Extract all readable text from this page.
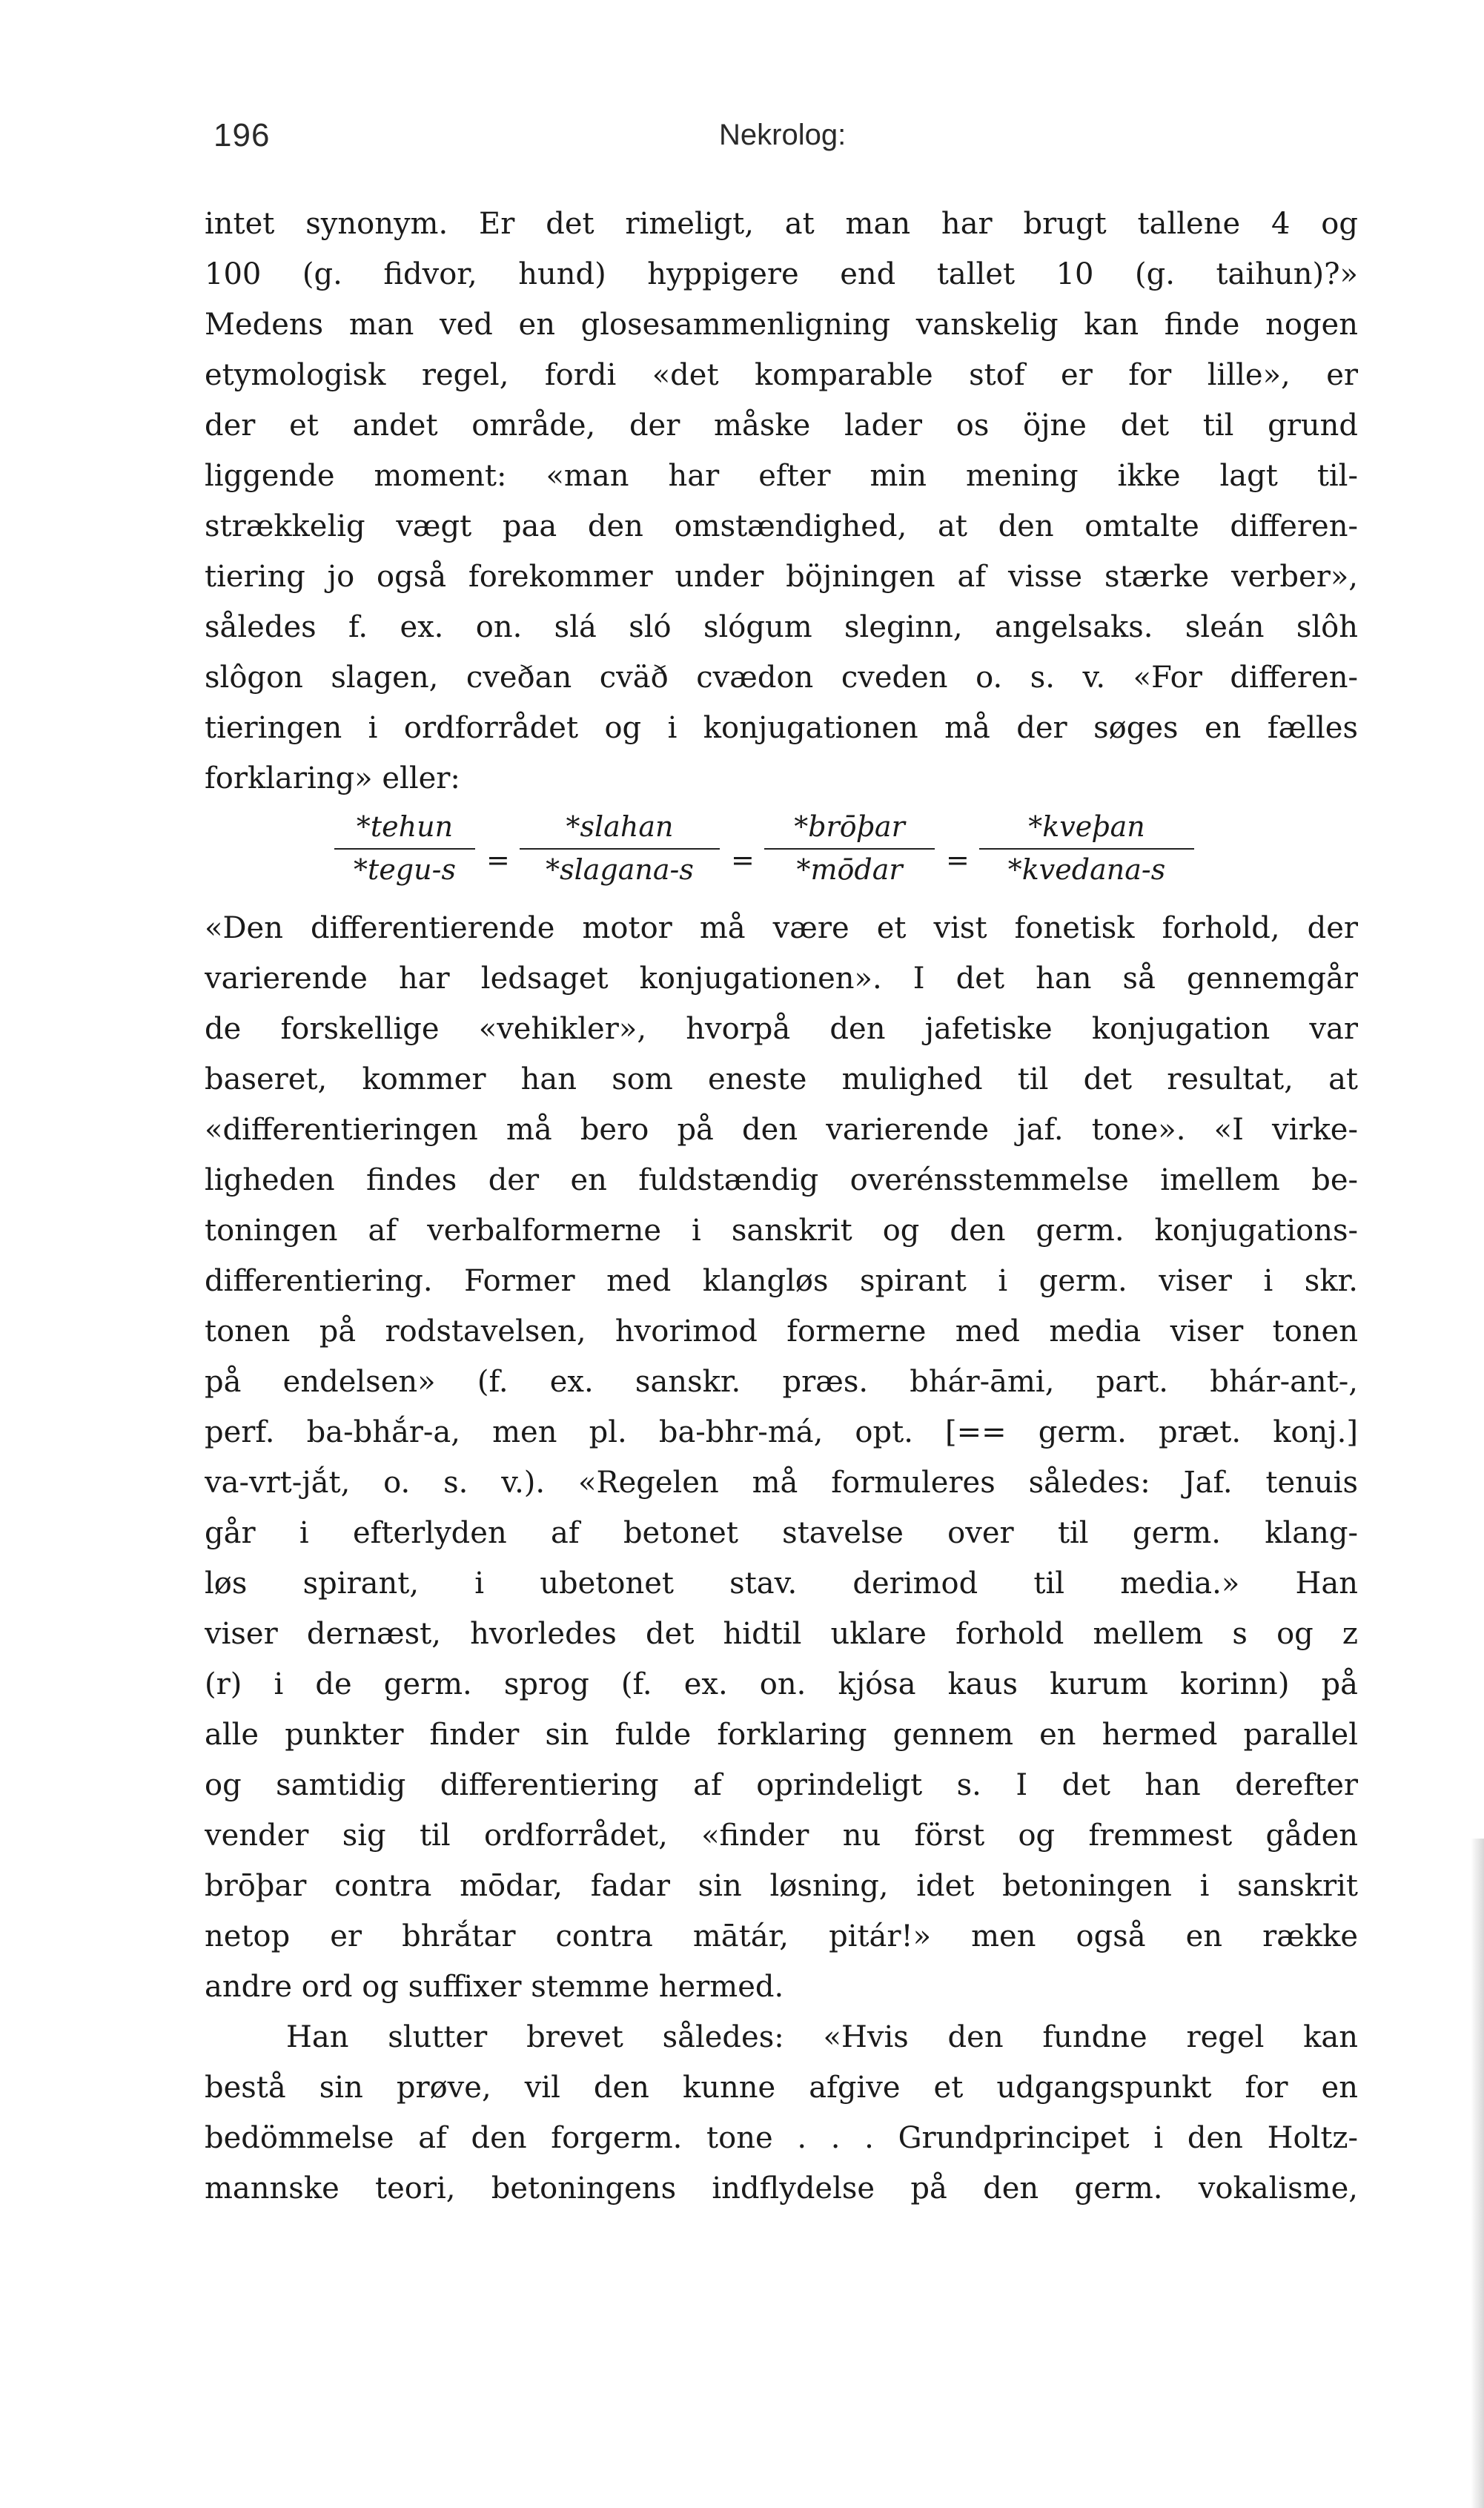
196	Nekrolog:
intet synonym. Er det rimeligt, at man har brugt tallene 4 og
100 (g. fidvor, hund) hyppigere end tallet 10 (g. taihun)?»
Medens man ved en glosesammenligning vanskelig kan finde nogen
etymologisk regel, fordi «det komparable stof er for lille», er
der et andet område, der måske lader os öjne det til grund
liggende moment: «man har efter min mening ikke lagt til-
strækkelig vægt paa den omstændighed, at den omtalte differen-
tiering jo også forekommer under böjningen af visse stærke verber»,
således f. ex. on. slá sló slógum sleginn, angelsaks. sleán slôh
slôgon slagen, cveðan cväð cvædon cveden o. s. v. «For differen-
tieringen i ordforrådet og i konjugationen må der søges en fælles
forklaring» eller:
*tehun
*tegu-s	=
*slahan
*slagana-s	=
*brōþar
*mōdar	=
*kveþan
*kvedana-s
«Den differentierende motor må være et vist fonetisk forhold, der
varierende har ledsaget konjugationen». I det han så gennemgår
de forskellige «vehikler», hvorpå den jafetiske konjugation var
baseret, kommer han som eneste mulighed til det resultat, at
«differentieringen må bero på den varierende jaf. tone». «I virke-
ligheden findes der en fuldstændig overénsstemmelse imellem be-
toningen af verbalformerne i sanskrit og den germ. konjugations-
differentiering. Former med klangløs spirant i germ. viser i skr.
tonen på rodstavelsen, hvorimod formerne med media viser tonen
på endelsen» (f. ex. sanskr. præs. bhár-āmi, part. bhár-ant-,
perf. ba-bhắr-a, men pl. ba-bhr-má, opt. [== germ. præt. konj.]
va-vrt-jắt, o. s. v.). «Regelen må formuleres således: Jaf. tenuis
går i efterlyden af betonet stavelse over til germ. klang-
løs spirant, i ubetonet stav. derimod til media.» Han
viser dernæst, hvorledes det hidtil uklare forhold mellem s og z
(r) i de germ. sprog (f. ex. on. kjósa kaus kurum korinn) på
alle punkter finder sin fulde forklaring gennem en hermed parallel
og samtidig differentiering af oprindeligt s. I det han derefter
vender sig til ordforrådet, «finder nu först og fremmest gåden
brōþar contra mōdar, fadar sin løsning, idet betoningen i sanskrit
netop er bhrắtar contra mātár, pitár!» men også en række
andre ord og suffixer stemme hermed.
Han slutter brevet således: «Hvis den fundne regel kan
bestå sin prøve, vil den kunne afgive et udgangspunkt for en
bedömmelse af den forgerm. tone . . . Grundprincipet i den Holtz-
mannske teori, betoningens indflydelse på den germ. vokalisme,
